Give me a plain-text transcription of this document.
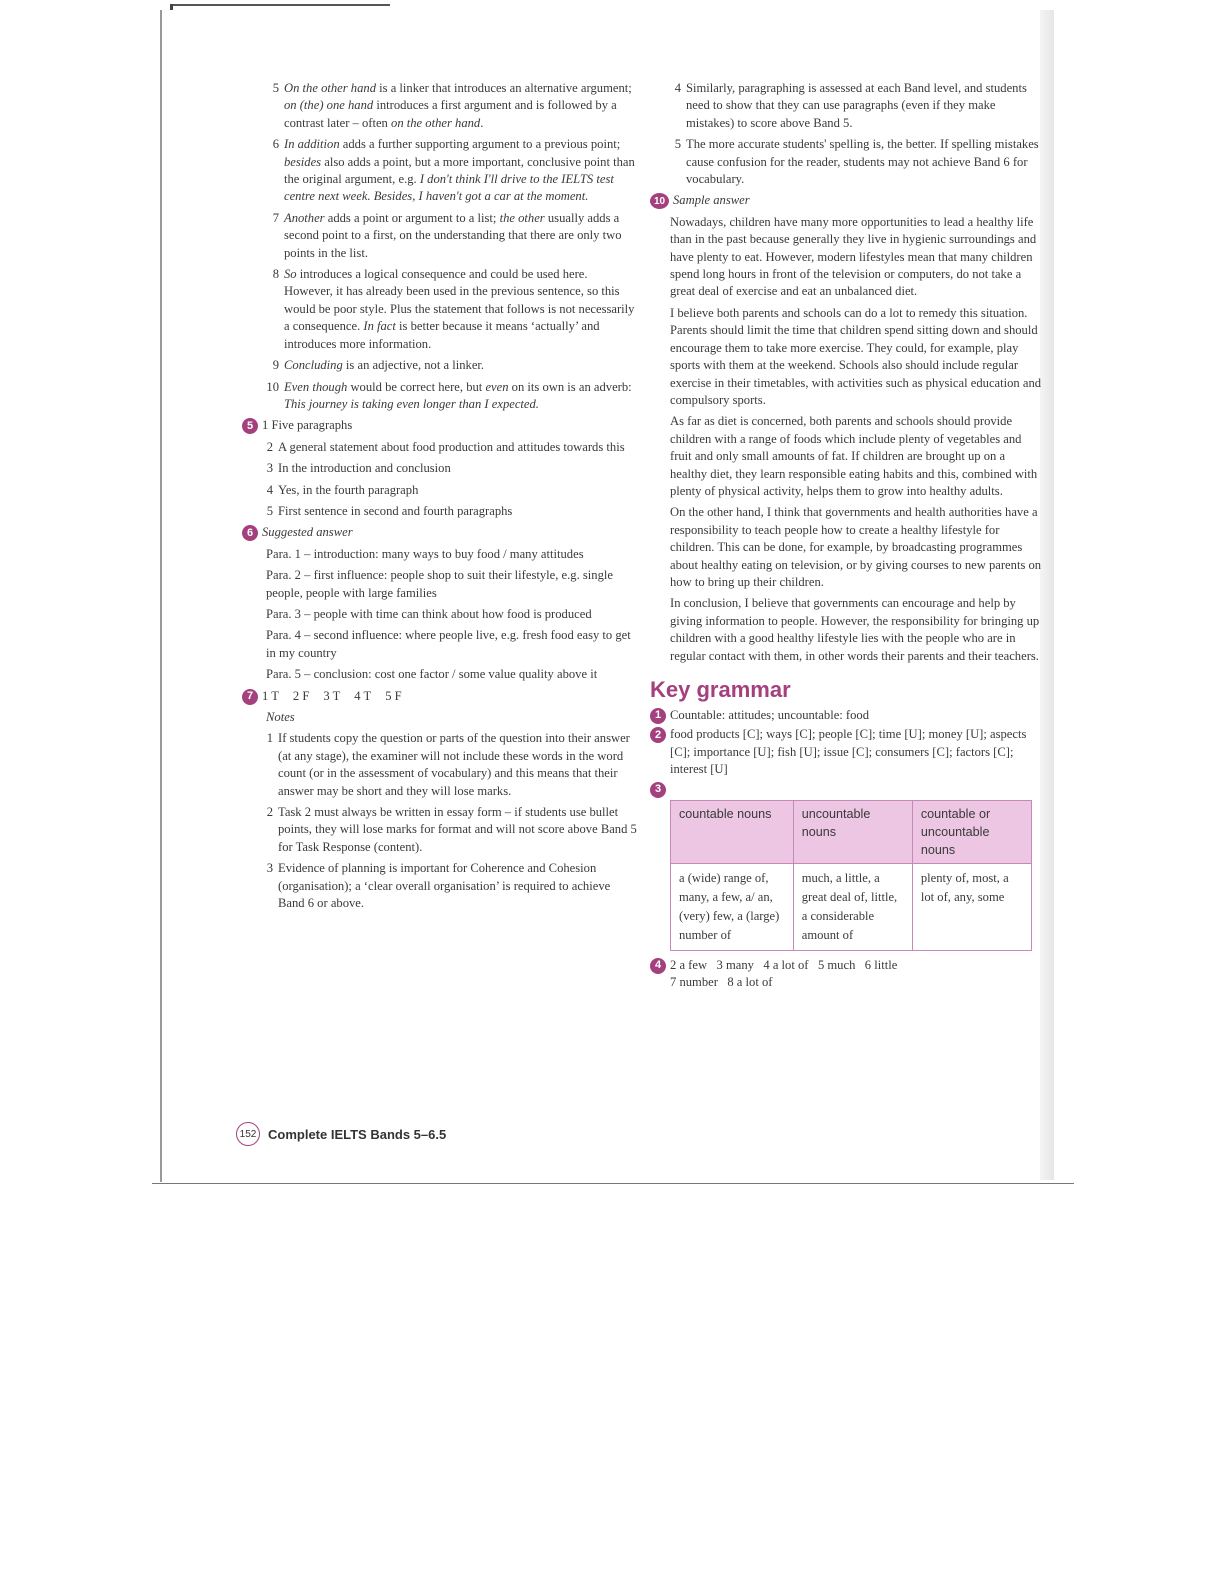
5 On the other hand is a linker that introduces an alternative argument; on (the) one hand introduces a first argument and is followed by a contrast later – often on the other hand.
6 In addition adds a further supporting argument to a previous point; besides also adds a point, but a more important, conclusive point than the original argument, e.g. I don't think I'll drive to the IELTS test centre next week. Besides, I haven't got a car at the moment.
7 Another adds a point or argument to a list; the other usually adds a second point to a first, on the understanding that there are only two points in the list.
8 So introduces a logical consequence and could be used here. However, it has already been used in the previous sentence, so this would be poor style. Plus the statement that follows is not necessarily a consequence. In fact is better because it means ‘actually’ and introduces more information.
9 Concluding is an adjective, not a linker.
10 Even though would be correct here, but even on its own is an adverb: This journey is taking even longer than I expected.
5 1 Five paragraphs
2 A general statement about food production and attitudes towards this
3 In the introduction and conclusion
4 Yes, in the fourth paragraph
5 First sentence in second and fourth paragraphs
6 Suggested answer
Para. 1 – introduction: many ways to buy food / many attitudes
Para. 2 – first influence: people shop to suit their lifestyle, e.g. single people, people with large families
Para. 3 – people with time can think about how food is produced
Para. 4 – second influence: where people live, e.g. fresh food easy to get in my country
Para. 5 – conclusion: cost one factor / some value quality above it
7 1 T 2 F 3 T 4 T 5 F
Notes
1 If students copy the question or parts of the question into their answer (at any stage), the examiner will not include these words in the word count (or in the assessment of vocabulary) and this means that their answer may be short and they will lose marks.
2 Task 2 must always be written in essay form – if students use bullet points, they will lose marks for format and will not score above Band 5 for Task Response (content).
3 Evidence of planning is important for Coherence and Cohesion (organisation); a ‘clear overall organisation’ is required to achieve Band 6 or above.
4 Similarly, paragraphing is assessed at each Band level, and students need to show that they can use paragraphs (even if they make mistakes) to score above Band 5.
5 The more accurate students' spelling is, the better. If spelling mistakes cause confusion for the reader, students may not achieve Band 6 for vocabulary.
10 Sample answer
Nowadays, children have many more opportunities to lead a healthy life than in the past because generally they live in hygienic surroundings and have plenty to eat. However, modern lifestyles mean that many children spend long hours in front of the television or computers, do not take a great deal of exercise and eat an unbalanced diet.
I believe both parents and schools can do a lot to remedy this situation. Parents should limit the time that children spend sitting down and should encourage them to take more exercise. They could, for example, play sports with them at the weekend. Schools also should include regular exercise in their timetables, with activities such as physical education and compulsory sports.
As far as diet is concerned, both parents and schools should provide children with a range of foods which include plenty of vegetables and fruit and only small amounts of fat. If children are brought up on a healthy diet, they learn responsible eating habits and this, combined with plenty of physical activity, helps them to grow into healthy adults.
On the other hand, I think that governments and health authorities have a responsibility to teach people how to create a healthy lifestyle for children. This can be done, for example, by broadcasting programmes about healthy eating on television, or by giving courses to new parents on how to bring up their children.
In conclusion, I believe that governments can encourage and help by giving information to people. However, the responsibility for bringing up children with a good healthy lifestyle lies with the people who are in regular contact with them, in other words their parents and their teachers.
Key grammar
1 Countable: attitudes; uncountable: food
2 food products [C]; ways [C]; people [C]; time [U]; money [U]; aspects [C]; importance [U]; fish [U]; issue [C]; consumers [C]; factors [C]; interest [U]
3
countable nouns	uncountable nouns	countable or uncountable nouns
a (wide) range of, many, a few, a/ an, (very) few, a (large) number of	much, a little, a great deal of, little, a considerable amount of	plenty of, most, a lot of, any, some
4 2 a few   3 many   4 a lot of   5 much   6 little
7 number   8 a lot of
152 Complete IELTS Bands 5–6.5
